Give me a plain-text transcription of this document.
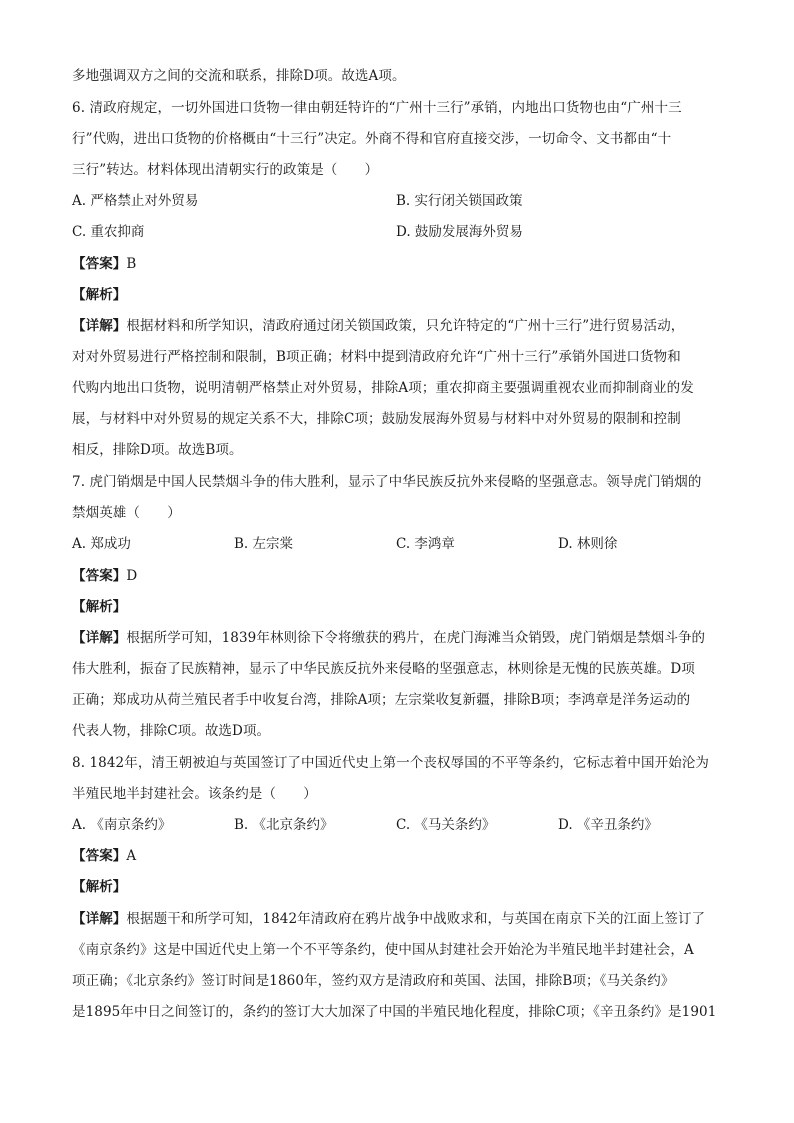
多地强调双方之间的交流和联系，排除D项。故选A项。
6. 清政府规定，一切外国进口货物一律由朝廷特许的“广州十三行”承销，内地出口货物也由“广州十三
行”代购，进出口货物的价格概由“十三行”决定。外商不得和官府直接交涉，一切命令、文书都由“十
三行”转达。材料体现出清朝实行的政策是（　　）
A. 严格禁止对外贸易	B. 实行闭关锁国政策
C. 重农抑商	D. 鼓励发展海外贸易
【答案】B
【解析】
【详解】根据材料和所学知识，清政府通过闭关锁国政策，只允许特定的“广州十三行”进行贸易活动，
对对外贸易进行严格控制和限制，B项正确；材料中提到清政府允许“广州十三行”承销外国进口货物和
代购内地出口货物，说明清朝严格禁止对外贸易，排除A项；重农抑商主要强调重视农业而抑制商业的发
展，与材料中对外贸易的规定关系不大，排除C项；鼓励发展海外贸易与材料中对外贸易的限制和控制
相反，排除D项。故选B项。
7. 虎门销烟是中国人民禁烟斗争的伟大胜利，显示了中华民族反抗外来侵略的坚强意志。领导虎门销烟的
禁烟英雄（　　）
A. 郑成功	B. 左宗棠	C. 李鸿章	D. 林则徐
【答案】D
【解析】
【详解】根据所学可知，1839年林则徐下令将缴获的鸦片，在虎门海滩当众销毁，虎门销烟是禁烟斗争的
伟大胜利，振奋了民族精神，显示了中华民族反抗外来侵略的坚强意志，林则徐是无愧的民族英雄。D项
正确；郑成功从荷兰殖民者手中收复台湾，排除A项；左宗棠收复新疆，排除B项；李鸿章是洋务运动的
代表人物，排除C项。故选D项。
8. 1842年，清王朝被迫与英国签订了中国近代史上第一个丧权辱国的不平等条约，它标志着中国开始沦为
半殖民地半封建社会。该条约是（　　）
A. 《南京条约》	B. 《北京条约》	C. 《马关条约》	D. 《辛丑条约》
【答案】A
【解析】
【详解】根据题干和所学可知，1842年清政府在鸦片战争中战败求和，与英国在南京下关的江面上签订了
《南京条约》这是中国近代史上第一个不平等条约，使中国从封建社会开始沦为半殖民地半封建社会，A
项正确；《北京条约》签订时间是1860年，签约双方是清政府和英国、法国，排除B项；《马关条约》
是1895年中日之间签订的，条约的签订大大加深了中国的半殖民地化程度，排除C项；《辛丑条约》是1901
